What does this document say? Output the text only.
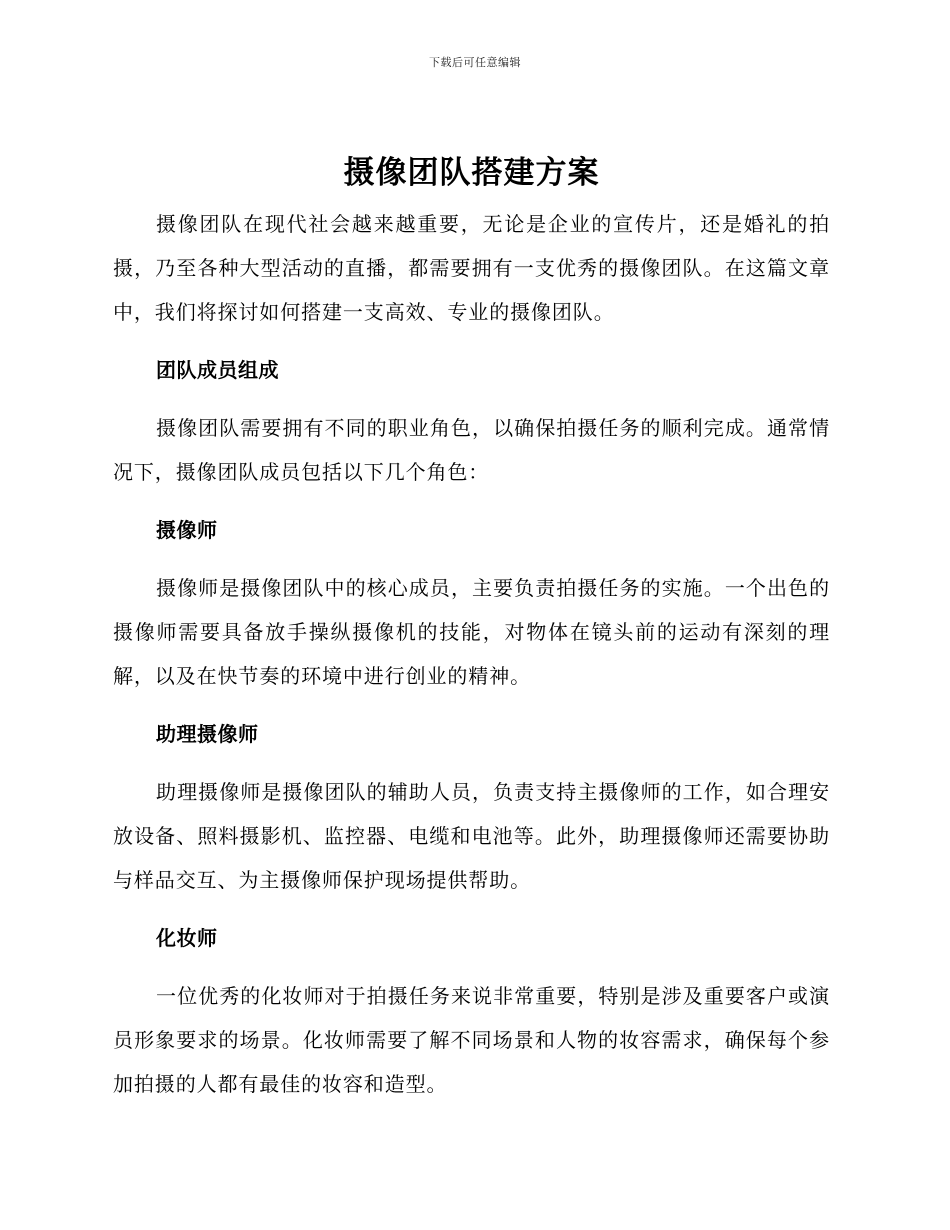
下载后可任意编辑
摄像团队搭建方案

摄像团队在现代社会越来越重要，无论是企业的宣传片，还是婚礼的拍摄，乃至各种大型活动的直播，都需要拥有一支优秀的摄像团队。在这篇文章中，我们将探讨如何搭建一支高效、专业的摄像团队。

团队成员组成

摄像团队需要拥有不同的职业角色，以确保拍摄任务的顺利完成。通常情况下，摄像团队成员包括以下几个角色：

摄像师

摄像师是摄像团队中的核心成员，主要负责拍摄任务的实施。一个出色的摄像师需要具备放手操纵摄像机的技能，对物体在镜头前的运动有深刻的理解，以及在快节奏的环境中进行创业的精神。

助理摄像师

助理摄像师是摄像团队的辅助人员，负责支持主摄像师的工作，如合理安放设备、照料摄影机、监控器、电缆和电池等。此外，助理摄像师还需要协助与样品交互、为主摄像师保护现场提供帮助。

化妆师

一位优秀的化妆师对于拍摄任务来说非常重要，特别是涉及重要客户或演员形象要求的场景。化妆师需要了解不同场景和人物的妆容需求，确保每个参加拍摄的人都有最佳的妆容和造型。
